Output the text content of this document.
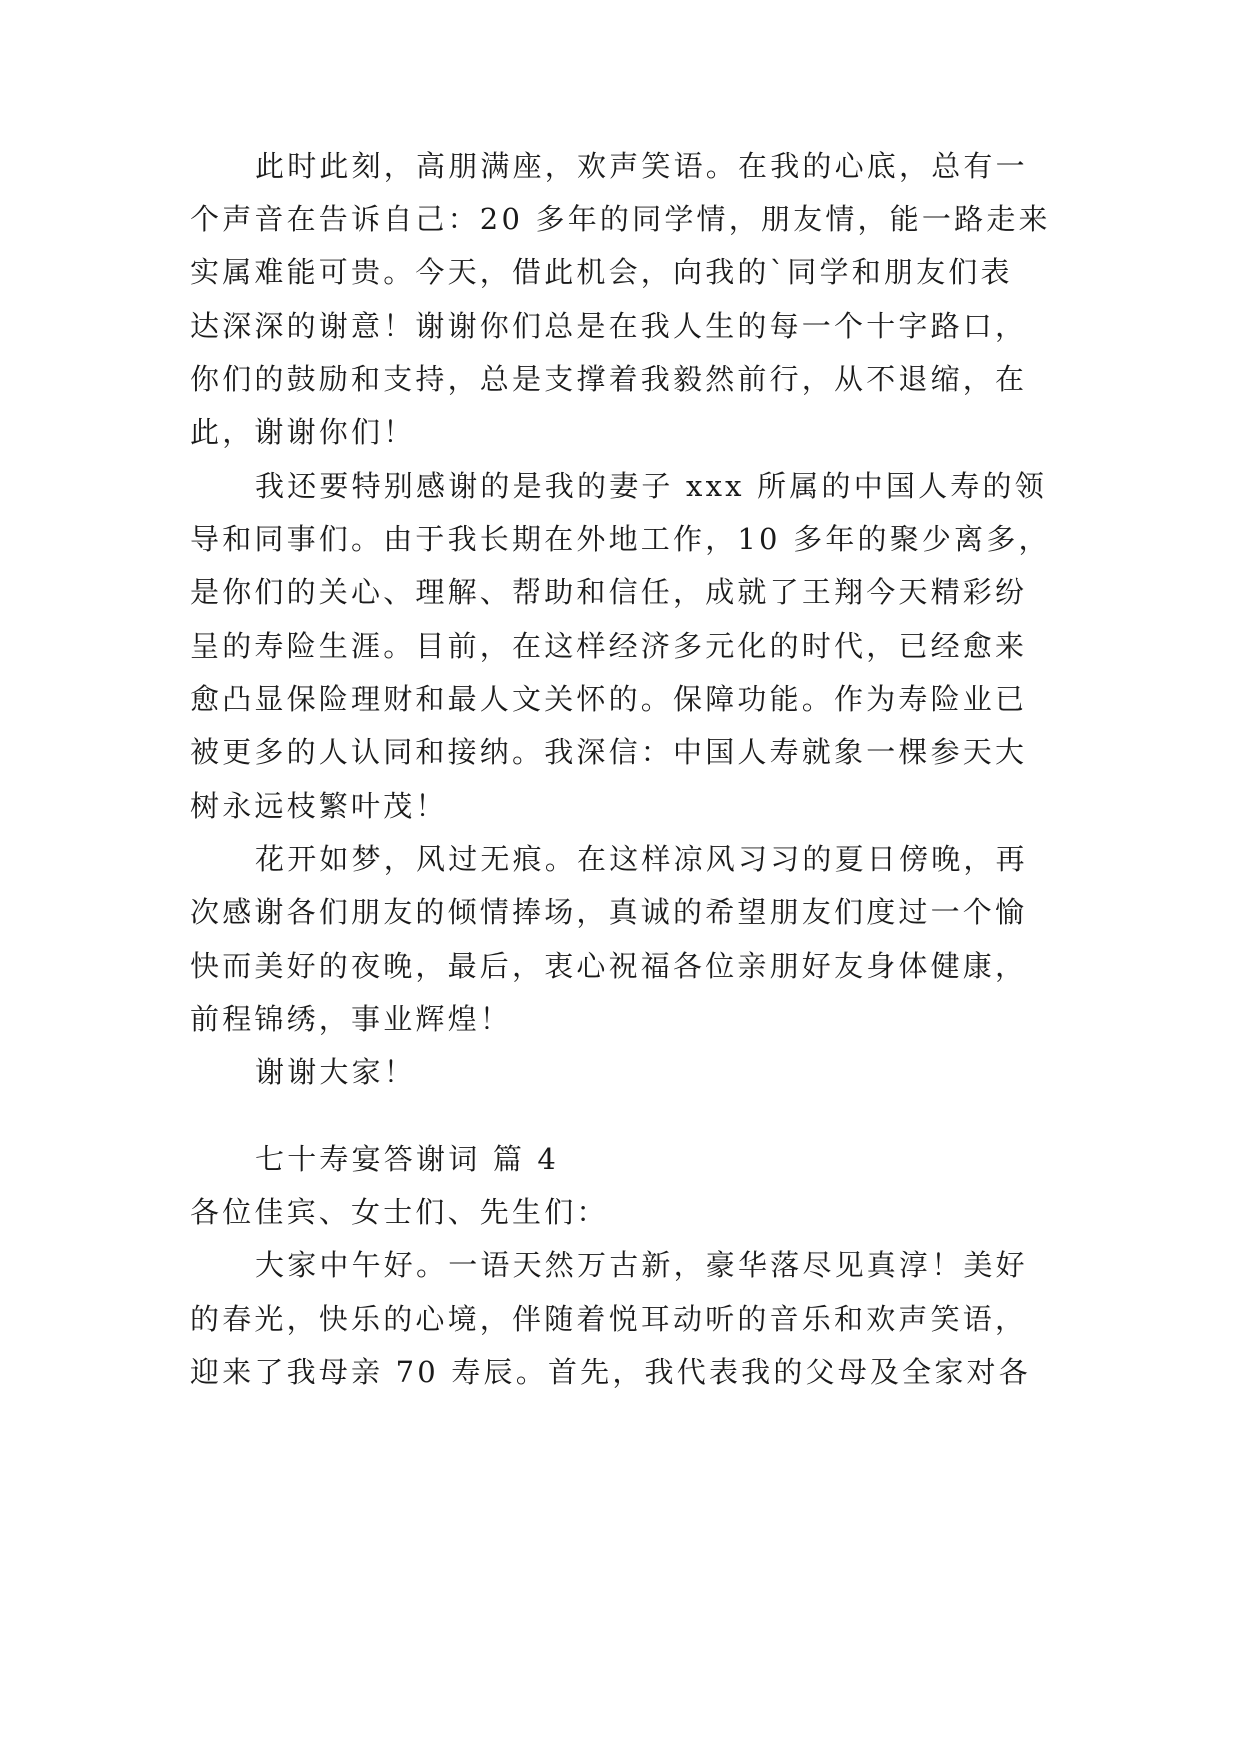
此时此刻，高朋满座，欢声笑语。在我的心底，总有一
个声音在告诉自己：20 多年的同学情，朋友情，能一路走来
实属难能可贵。今天，借此机会，向我的`同学和朋友们表
达深深的谢意！谢谢你们总是在我人生的每一个十字路口，
你们的鼓励和支持，总是支撑着我毅然前行，从不退缩，在
此，谢谢你们！
我还要特别感谢的是我的妻子 xxx 所属的中国人寿的领
导和同事们。由于我长期在外地工作，10 多年的聚少离多，
是你们的关心、理解、帮助和信任，成就了王翔今天精彩纷
呈的寿险生涯。目前，在这样经济多元化的时代，已经愈来
愈凸显保险理财和最人文关怀的。保障功能。作为寿险业已
被更多的人认同和接纳。我深信：中国人寿就象一棵参天大
树永远枝繁叶茂！
花开如梦，风过无痕。在这样凉风习习的夏日傍晚，再
次感谢各们朋友的倾情捧场，真诚的希望朋友们度过一个愉
快而美好的夜晚，最后，衷心祝福各位亲朋好友身体健康，
前程锦绣，事业辉煌！
谢谢大家！
七十寿宴答谢词 篇 4
各位佳宾、女士们、先生们：
大家中午好。一语天然万古新，豪华落尽见真淳！美好
的春光，快乐的心境，伴随着悦耳动听的音乐和欢声笑语，
迎来了我母亲 70 寿辰。首先，我代表我的父母及全家对各
